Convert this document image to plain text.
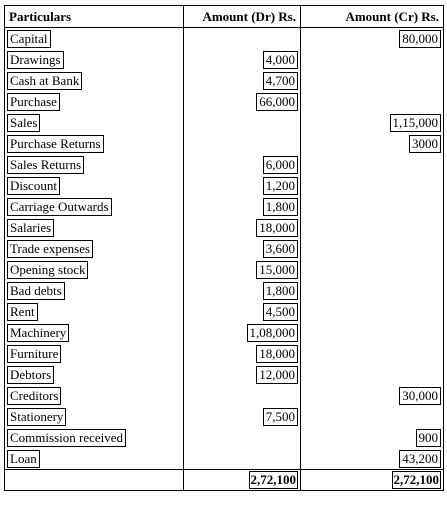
Particulars	Amount (Dr) Rs.	Amount (Cr) Rs.
Capital		80,000
Drawings	4,000	
Cash at Bank	4,700	
Purchase	66,000	
Sales		1,15,000
Purchase Returns		3000
Sales Returns	6,000	
Discount	1,200	
Carriage Outwards	1,800	
Salaries	18,000	
Trade expenses	3,600	
Opening stock	15,000	
Bad debts	1,800	
Rent	4,500	
Machinery	1,08,000	
Furniture	18,000	
Debtors	12,000	
Creditors		30,000
Stationery	7,500	
Commission received		900
Loan		43,200
	2,72,100	2,72,100
